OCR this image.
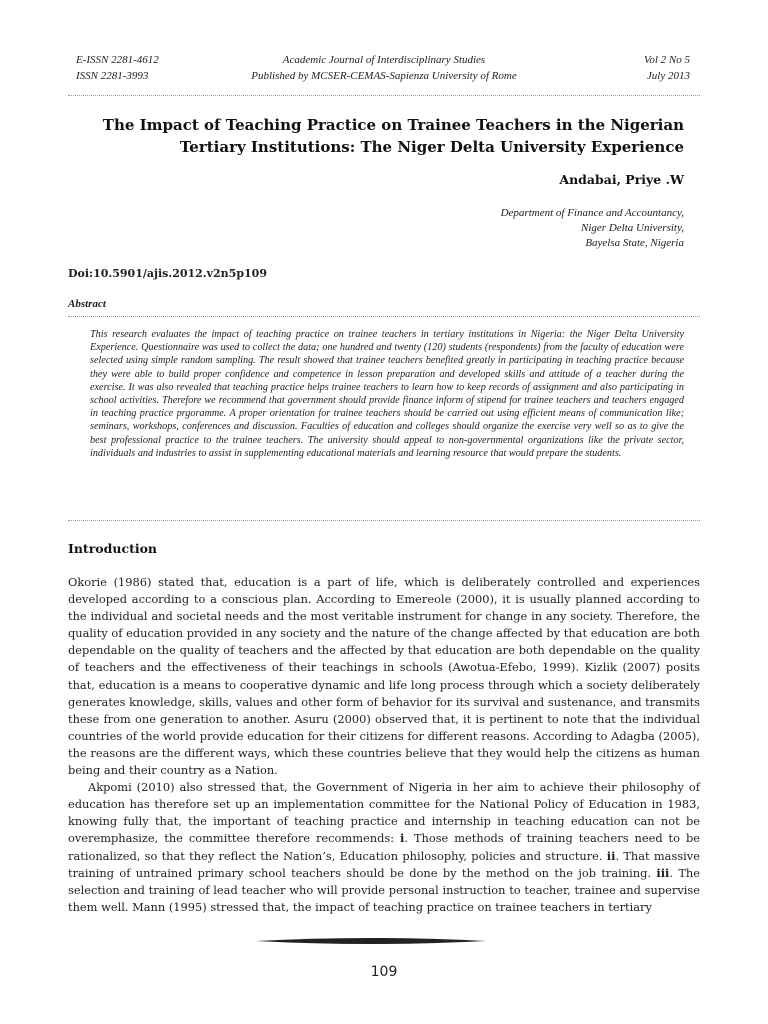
E-ISSN 2281-4612
ISSN 2281-3993
Academic Journal of Interdisciplinary Studies
Published by MCSER-CEMAS-Sapienza University of Rome
Vol 2 No 5
July 2013
The Impact of Teaching Practice on Trainee Teachers in the Nigerian
Tertiary Institutions: The Niger Delta University Experience
Andabai, Priye .W
Department of Finance and Accountancy,
Niger Delta University,
Bayelsa State, Nigeria
Doi:10.5901/ajis.2012.v2n5p109
Abstract
This research evaluates the impact of teaching practice on trainee teachers in tertiary institutions in Nigeria: the Niger Delta University Experience. Questionnaire was used to collect the data; one hundred and twenty (120) students (respondents) from the faculty of education were selected using simple random sampling. The result showed that trainee teachers benefited greatly in participating in teaching practice because they were able to build proper confidence and competence in lesson preparation and developed skills and attitude of a teacher during the exercise. It was also revealed that teaching practice helps trainee teachers to learn how to keep records of assignment and also participating in school activities. Therefore we recommend that government should provide finance inform of stipend for trainee teachers and teachers engaged in teaching practice prgoramme. A proper orientation for trainee teachers should be carried out using efficient means of communication like; seminars, workshops, conferences and discussion. Faculties of education and colleges should organize the exercise very well so as to give the best professional practice to the trainee teachers. The university should appeal to non-governmental organizations like the private sector, individuals and industries to assist in supplementing educational materials and learning resource that would prepare the students.
Introduction

Okorie (1986) stated that, education is a part of life, which is deliberately controlled and experiences developed according to a conscious plan. According to Emereole (2000), it is usually planned according to the individual and societal needs and the most veritable instrument for change in any society. Therefore, the quality of education provided in any society and the nature of the change affected by that education are both dependable on the quality of teachers and the affected by that education are both dependable on the quality of teachers and the effectiveness of their teachings in schools (Awotua-Efebo, 1999). Kizlik (2007) posits that, education is a means to cooperative dynamic and life long process through which a society deliberately generates knowledge, skills, values and other form of behavior for its survival and sustenance, and transmits these from one generation to another. Asuru (2000) observed that, it is pertinent to note that the individual countries of the world provide education for their citizens for different reasons. According to Adagba (2005), the reasons are the different ways, which these countries believe that they would help the citizens as human being and their country as a Nation.

Akpomi (2010) also stressed that, the Government of Nigeria in her aim to achieve their philosophy of education has therefore set up an implementation committee for the National Policy of Education in 1983, knowing fully that, the important of teaching practice and internship in teaching education can not be overemphasize, the committee therefore recommends: i. Those methods of training teachers need to be rationalized, so that they reflect the Nation’s, Education philosophy, policies and structure. ii. That massive training of untrained primary school teachers should be done by the method on the job training. iii. The selection and training of lead teacher who will provide personal instruction to teacher, trainee and supervise them well. Mann (1995) stressed that, the impact of teaching practice on trainee teachers in tertiary

109
